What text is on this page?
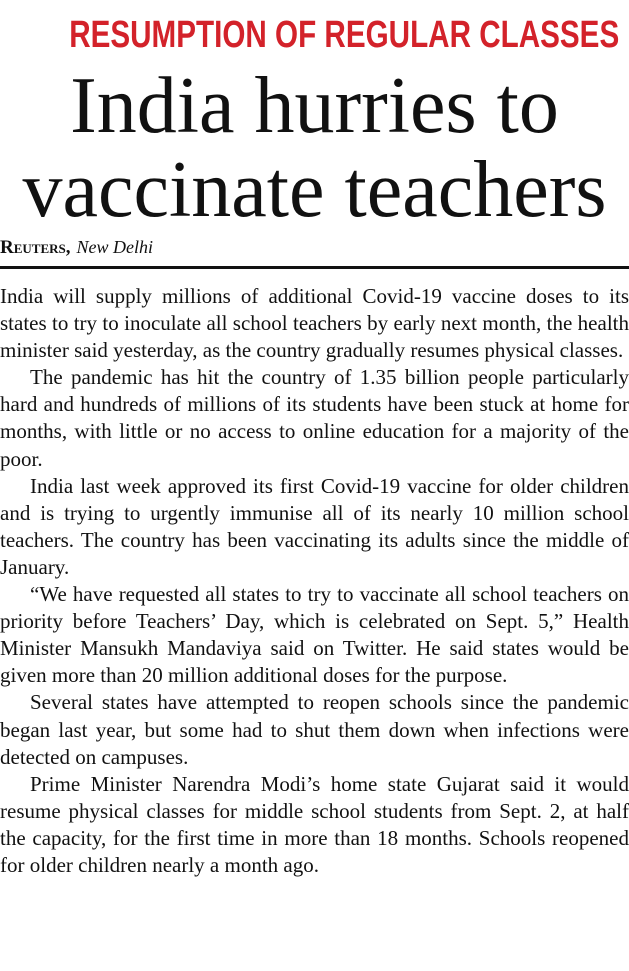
RESUMPTION OF REGULAR CLASSES
India hurries to
vaccinate teachers
Reuters, New Delhi

India will supply millions of additional Covid-19 vaccine doses to its states to try to inoculate all school teachers by early next month, the health minister said yesterday, as the country gradually resumes physical classes.

The pandemic has hit the country of 1.35 billion people particularly hard and hundreds of millions of its students have been stuck at home for months, with little or no access to online education for a majority of the poor.

India last week approved its first Covid-19 vaccine for older children and is trying to urgently immunise all of its nearly 10 million school teachers. The country has been vaccinating its adults since the middle of January.

“We have requested all states to try to vaccinate all school teachers on priority before Teachers’ Day, which is celebrated on Sept. 5,” Health Minister Mansukh Mandaviya said on Twitter. He said states would be given more than 20 million additional doses for the purpose.

Several states have attempted to reopen schools since the pandemic began last year, but some had to shut them down when infections were detected on campuses.

Prime Minister Narendra Modi’s home state Gujarat said it would resume physical classes for middle school students from Sept. 2, at half the capacity, for the first time in more than 18 months. Schools reopened for older children nearly a month ago.
